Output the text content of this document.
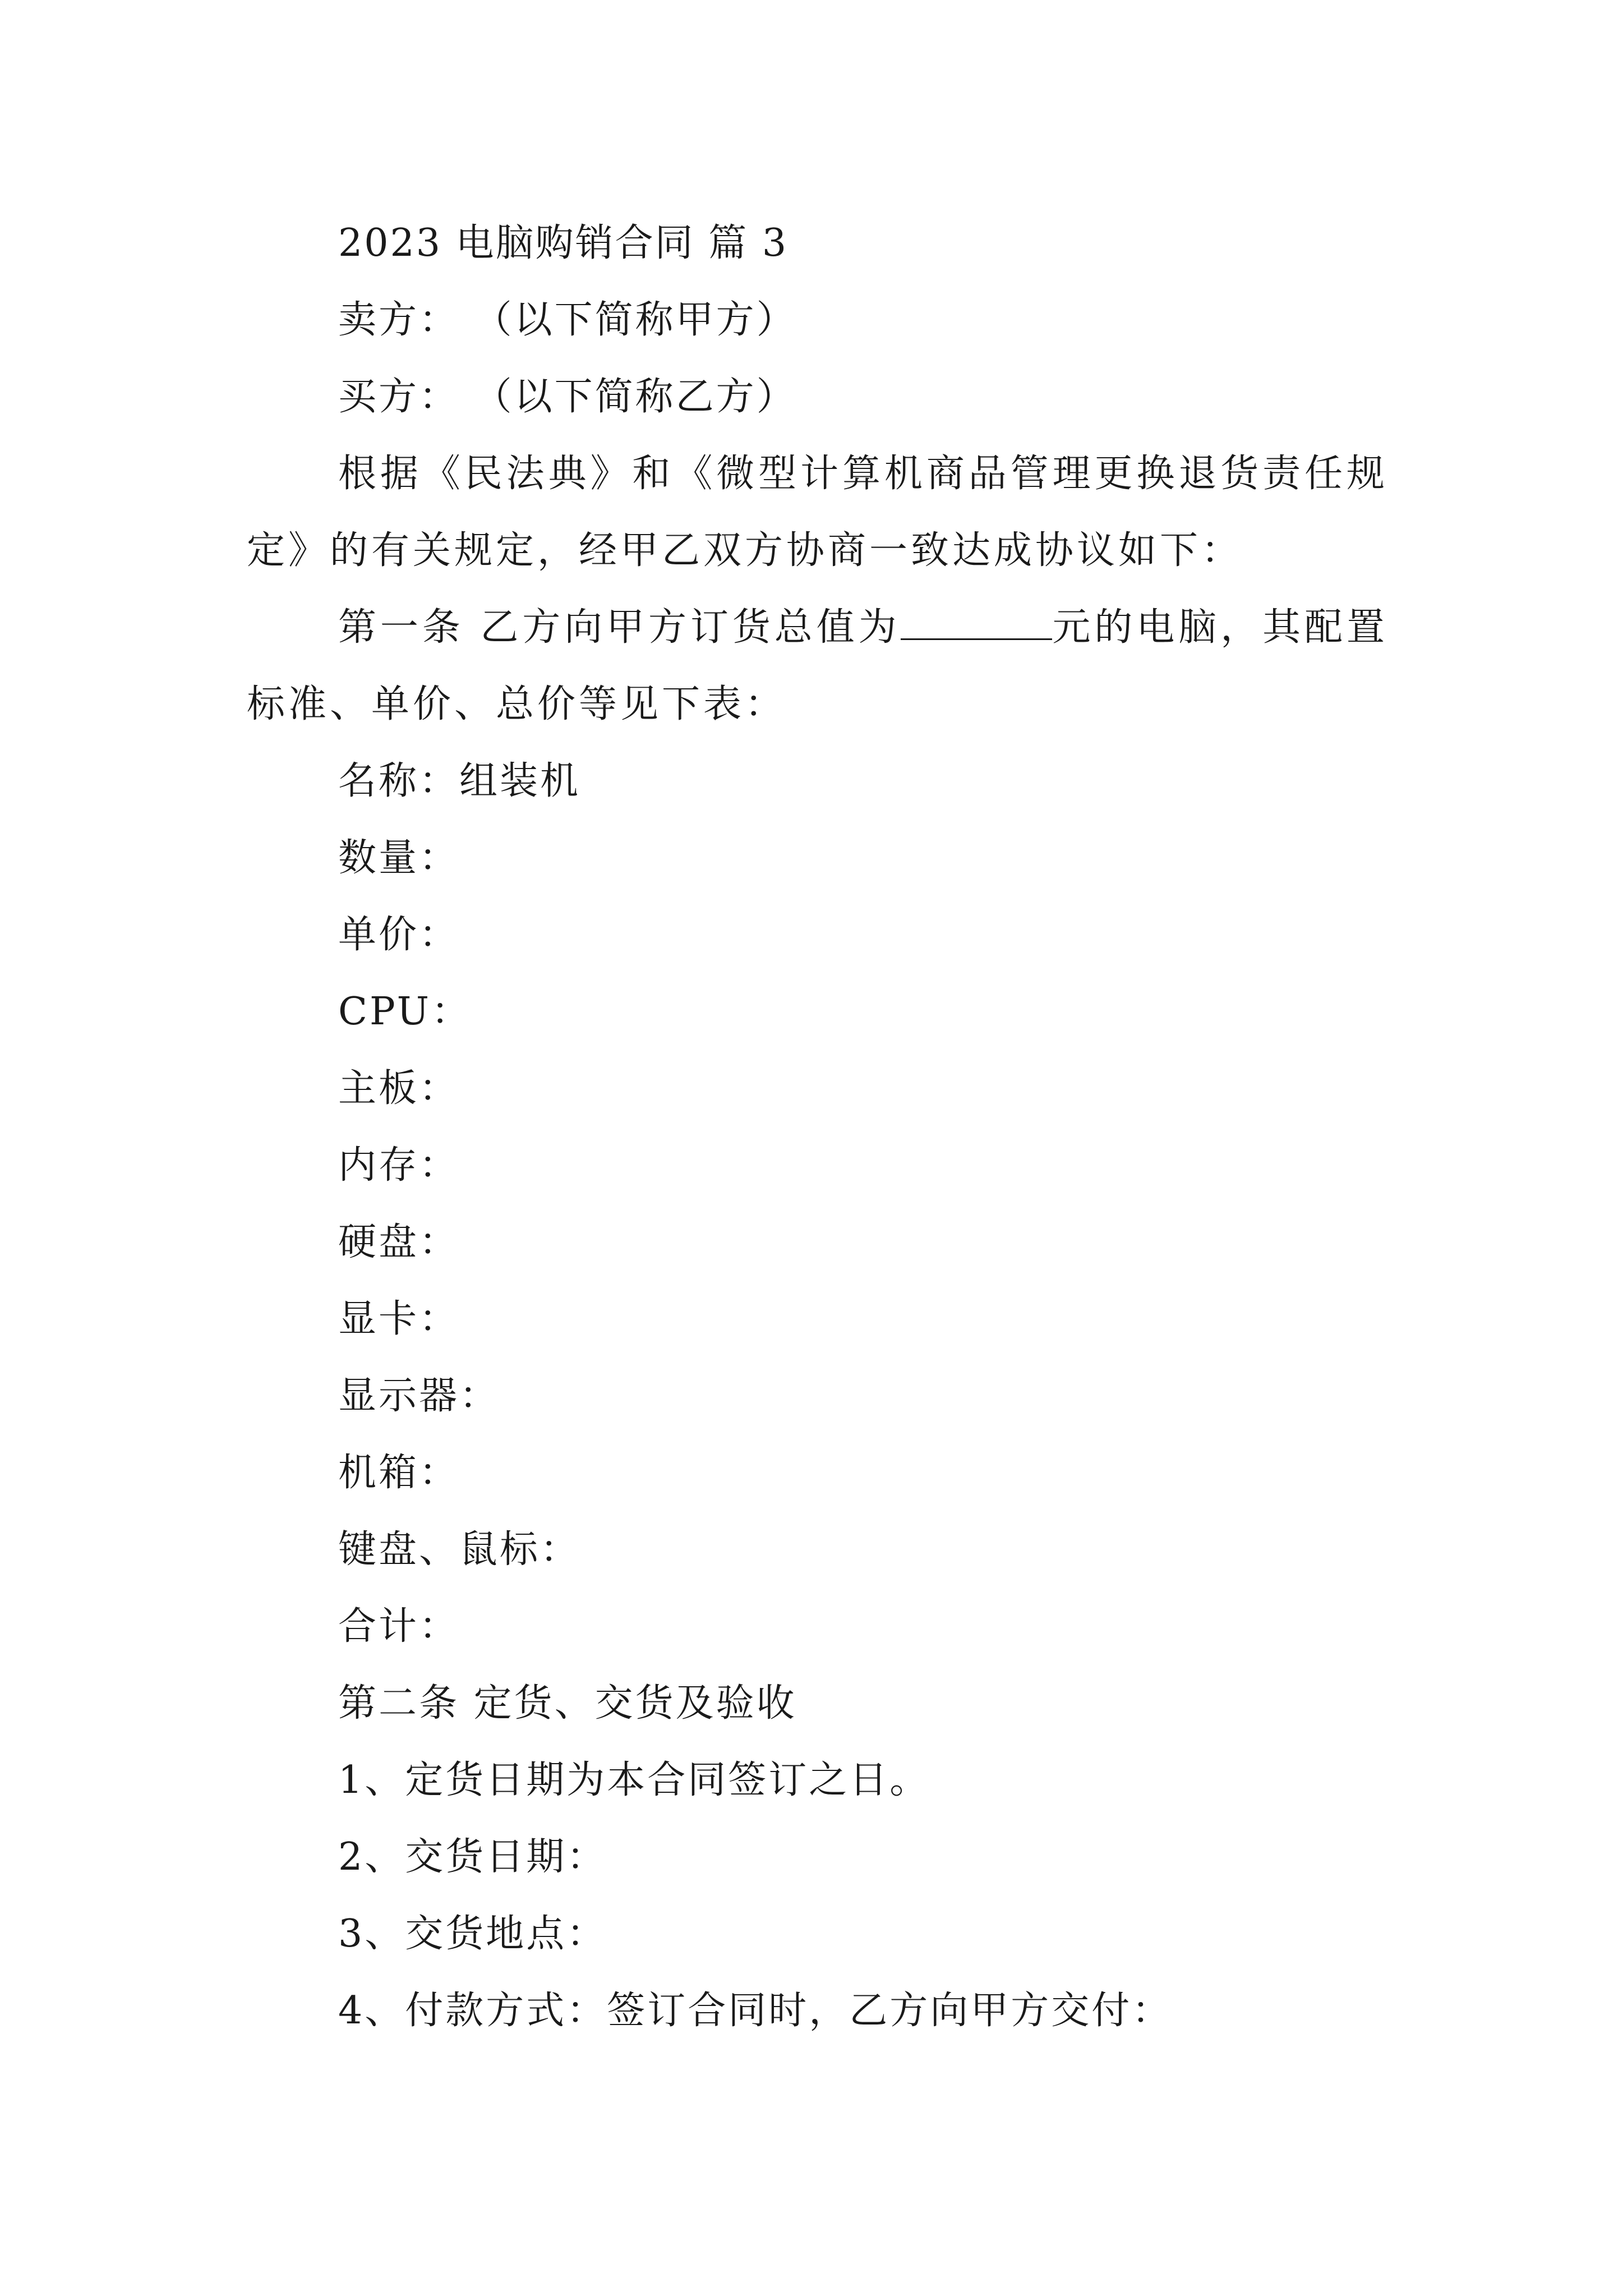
2023 电脑购销合同 篇 3
卖方： （以下简称甲方）
买方： （以下简称乙方）
根据《民法典》和《微型计算机商品管理更换退货责任规定》的有关规定，经甲乙双方协商一致达成协议如下：
第一条 乙方向甲方订货总值为	元的电脑，其配置标准、单价、总价等见下表：
名称：组装机
数量：
单价：
CPU：
主板：
内存：
硬盘：
显卡：
显示器：
机箱：
键盘、鼠标：
合计：
第二条 定货、交货及验收
1、定货日期为本合同签订之日。
2、交货日期：
3、交货地点：
4、付款方式：签订合同时，乙方向甲方交付：
